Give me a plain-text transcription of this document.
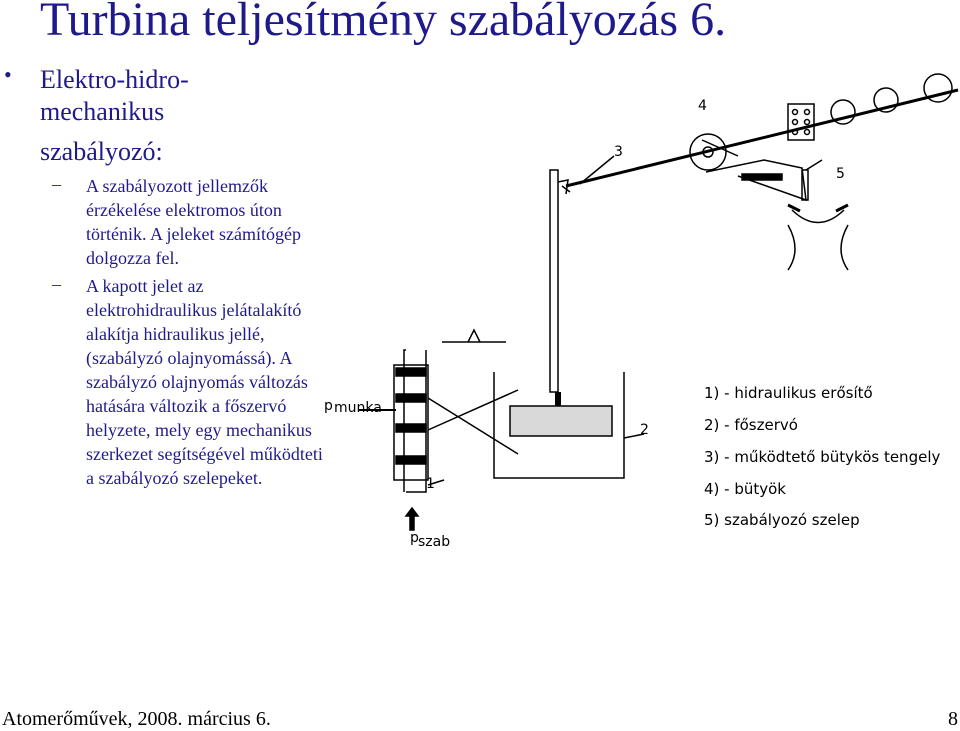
Turbina teljesítmény szabályozás 6.
• Elektro-hidro-
mechanikus
szabályozó:
– A szabályozott jellemzők érzékelése elektromos úton történik. A jeleket számítógép dolgozza fel.
– A kapott jelet az elektrohidraulikus jelátalakító alakítja hidraulikus jellé, (szabályzó olajnyomássá). A szabályzó olajnyomás változás hatására változik a főszervó helyzete, mely egy mechanikus szerkezet segítségével működteti a szabályozó szelepeket.	1
2
3
4
5
p munka
p szab
1) - hidraulikus erősítő
2) - főszervó
3) - működtető bütykös tengely
4) - bütyök
5) szabályozó szelep
Atomerőművek, 2008. március 6.	8
